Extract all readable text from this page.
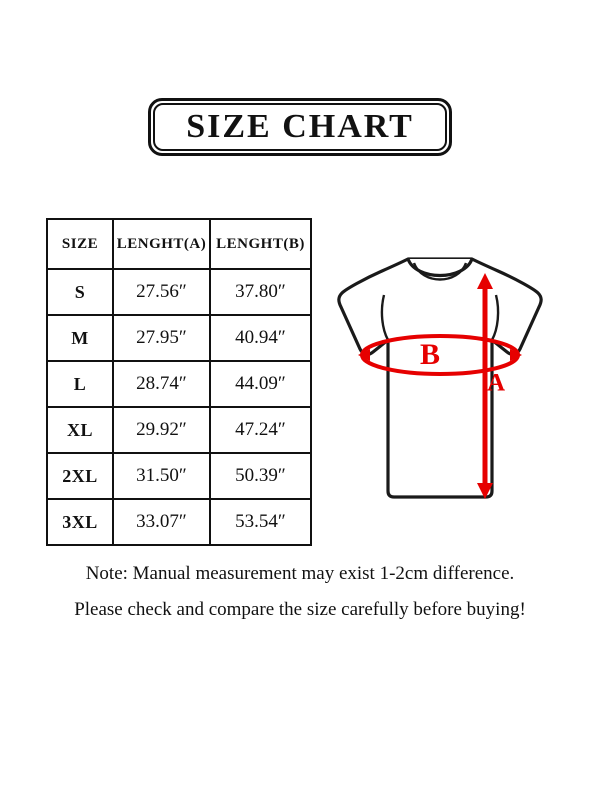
SIZE CHART
SIZE	LENGHT(A)	LENGHT(B)
S	27.56″	37.80″
M	27.95″	40.94″
L	28.74″	44.09″
XL	29.92″	47.24″
2XL	31.50″	50.39″
3XL	33.07″	53.54″
B
A
Note: Manual measurement may exist 1-2cm difference.
Please check and compare the size carefully before buying!
